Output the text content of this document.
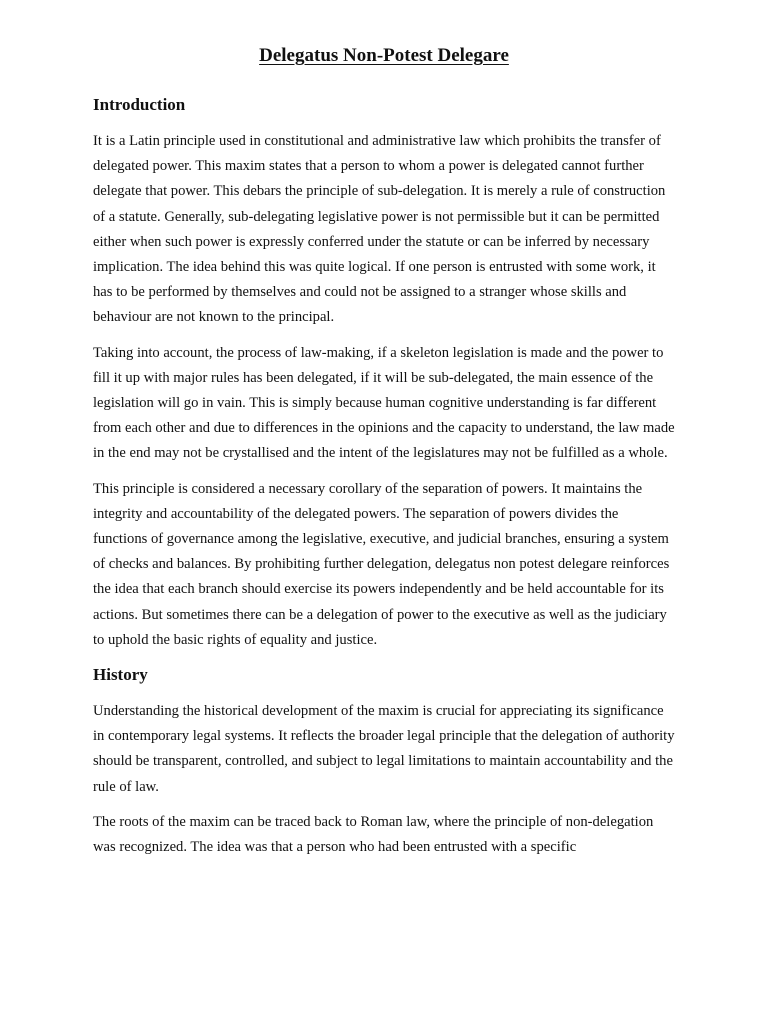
Delegatus Non-Potest Delegare
Introduction

It is a Latin principle used in constitutional and administrative law which prohibits the transfer of delegated power. This maxim states that a person to whom a power is delegated cannot further delegate that power. This debars the principle of sub-delegation. It is merely a rule of construction of a statute. Generally, sub-delegating legislative power is not permissible but it can be permitted either when such power is expressly conferred under the statute or can be inferred by necessary implication. The idea behind this was quite logical. If one person is entrusted with some work, it has to be performed by themselves and could not be assigned to a stranger whose skills and behaviour are not known to the principal.

Taking into account, the process of law-making, if a skeleton legislation is made and the power to fill it up with major rules has been delegated, if it will be sub-delegated, the main essence of the legislation will go in vain. This is simply because human cognitive understanding is far different from each other and due to differences in the opinions and the capacity to understand, the law made in the end may not be crystallised and the intent of the legislatures may not be fulfilled as a whole.

This principle is considered a necessary corollary of the separation of powers. It maintains the integrity and accountability of the delegated powers. The separation of powers divides the functions of governance among the legislative, executive, and judicial branches, ensuring a system of checks and balances. By prohibiting further delegation, delegatus non potest delegare reinforces the idea that each branch should exercise its powers independently and be held accountable for its actions. But sometimes there can be a delegation of power to the executive as well as the judiciary to uphold the basic rights of equality and justice.

History

Understanding the historical development of the maxim is crucial for appreciating its significance in contemporary legal systems. It reflects the broader legal principle that the delegation of authority should be transparent, controlled, and subject to legal limitations to maintain accountability and the rule of law.

The roots of the maxim can be traced back to Roman law, where the principle of non-delegation was recognized. The idea was that a person who had been entrusted with a specific
